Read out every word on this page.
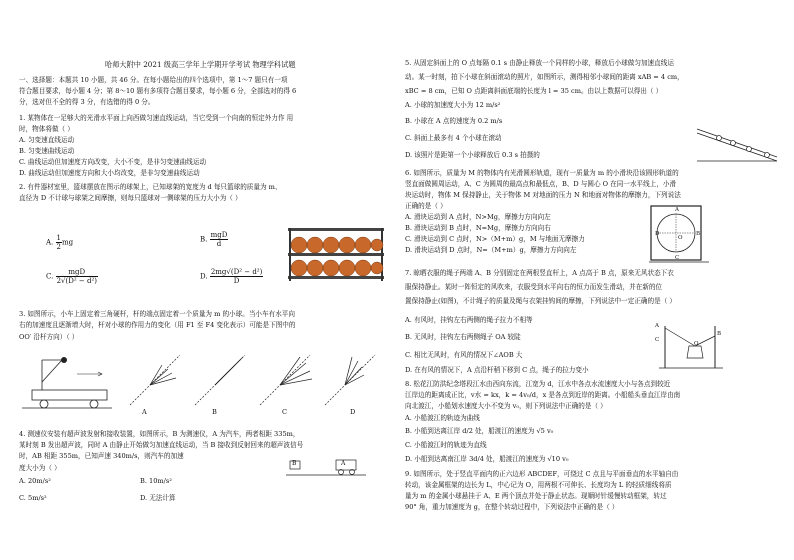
哈师大附中 2021 级高三学年上学期开学考试 物理学科试题
一、选择题：本题共 10 小题，共 46 分。在每小题给出的四个选项中，第 1～7 题只有一项
符合题目要求，每小题 4 分；第 8～10 题有多项符合题目要求，每小题 6 分，全部选对的得 6
分，选对但不全的得 3 分，有选错的得 0 分。
1. 某物体在一足够大的光滑水平面上向西做匀速直线运动，当它受到一个向南的恒定外力作 用
时，物体将做（ ）
A. 匀变速直线运动
B. 匀变速曲线运动
C. 曲线运动但加速度方向改变，大小不变，是非匀变速曲线运动
D. 曲线运动但加速度方向和大小均改变，是非匀变速曲线运动
2. 有件器材室里，篮球摆放在图示的球架上，已知球架的宽度为 d 每只篮球的质量为 m、
直径为 D 不计球与球架之间摩擦，则每只篮球对一侧球架的压力大小为（ ）
A. $\frac{1}{2}$ mg	B. $\frac{\text{mgD}}{d}$
C. $\frac{\text{mgD}}{\text{2√(D² − d²)}}$	D. $\frac{\text{2mg√(D² − d²)}}{D}$
3. 如图所示，小车上固定着三角硬杆，杆的端点固定着一个质量为 m 的小球。当小车有水平向
右的加速度且逐渐增大时，杆对小球的作用力的变化（用 F1 至 F4 变化表示）可能是下图中的
OO′ 沿杆方向）（ ）
A	B	C	D
4. 测速仪安装有超声波发射和接收装置，如图所示，B 为测速仪，A 为汽车，两者相距 335m，
某时刻 B 发出超声波，同时 A 由静止开始做匀加速直线运动，当 B 接收到反射回来的超声波信号
时，AB 相距 355m，已知声速 340m/s，则汽车的加速
度大小为（ ）
A. 20m/s²	B. 10m/s²
C. 5m/s²	D. 无法计算
B	A
5. 从固定斜面上的 O 点每隔 0.1 s 由静止释放一个同样的小球，释放后小球做匀加速直线运
动。某一时刻，拍下小球在斜面滚动的照片，如图所示，测得相邻小球间的距离 xAB = 4 cm，
xBC = 8 cm，已知 O 点距离斜面底端的长度为 l = 35 cm。由以上数据可以得出（ ）
A. 小球的加速度大小为 12 m/s²
B. 小球在 A 点的速度为 0.2 m/s
C. 斜面上最多有 4 个小球在滚动
D. 该照片是距第一个小球释放后 0.3 s 拍摄的
6. 如图所示，质量为 M 的物体内有光滑圆形轨道，现有一质量为 m 的小滑块沿该圆形轨道的
竖直面做圆周运动，A、C 为圆周的最高点和最低点，B、D 与圆心 O 在同一水平线上，小滑
块运动时，物体 M 保持静止，关于物体 M 对地面的压力 N 和地面对物体的摩擦力，下列说法
正确的是（ ）
A. 滑块运动到 A 点时，N>Mg，摩擦力方向向左
B. 滑块运动到 B 点时，N=Mg，摩擦力方向向右
C. 滑块运动到 C 点时，N>（M+m）g，M 与地面无摩擦力
D. 滑块运动到 D 点时，N=（M+m）g，摩擦力方向向左
A
B
C
D
O
7. 晾晒衣服的绳子两端 A、B 分别固定在两根竖直杆上，A 点高于 B 点，原来无风状态下衣
服保持静止。某时一阵恒定的风吹来，衣服受到水平向右的恒力而发生滑动，并在新的位
置保持静止(如图)，不计绳子的质量及绳与衣架挂钩间的摩擦，下列说法中一定正确的是（ ）
A. 有风时，挂钩左右两侧的绳子拉力不相等
B. 无风时，挂钩左右两侧绳子 OA 较陡
C. 相比无风时，有风的情况下∠AOB 大
D. 在有风的情况下，A 点沿杆稍下移到 C 点，绳子的拉力变小
A
O
B
C
8. 松花江防洪纪念塔段江水由西向东流，江宽为 d，江水中各点水流速度大小与各点到较近
江岸边的距离成正比，v水 = kx，k = 4v₀/d，x 是各点到近岸的距离。小船船头垂直江岸由南
向北渡江，小船划水速度大小不变为 v₀，则下列说法中正确的是（ ）
A. 小船渡江的轨迹为曲线
B. 小船到达离江岸 d/2 处，船渡江的速度为 √5 v₀
C. 小船渡江时的轨迹为直线
D. 小船到达离南江岸 3d/4 处，船渡江的速度为 √10 v₀
9. 如图所示，处于竖直平面内的正六边形 ABCDEF，可绕过 C 点且与平面垂直的水平轴自由
转动，该金属框架的边长为 L，中心记为 O，用两根不可伸长、长度均为 L 的轻质细线将质
量为 m 的金属小球悬挂于 A、E 两个顶点并处于静止状态。现顺时针缓慢转动框架，转过
90° 角，重力加速度为 g，在整个转动过程中，下列说法中正确的是（ ）
